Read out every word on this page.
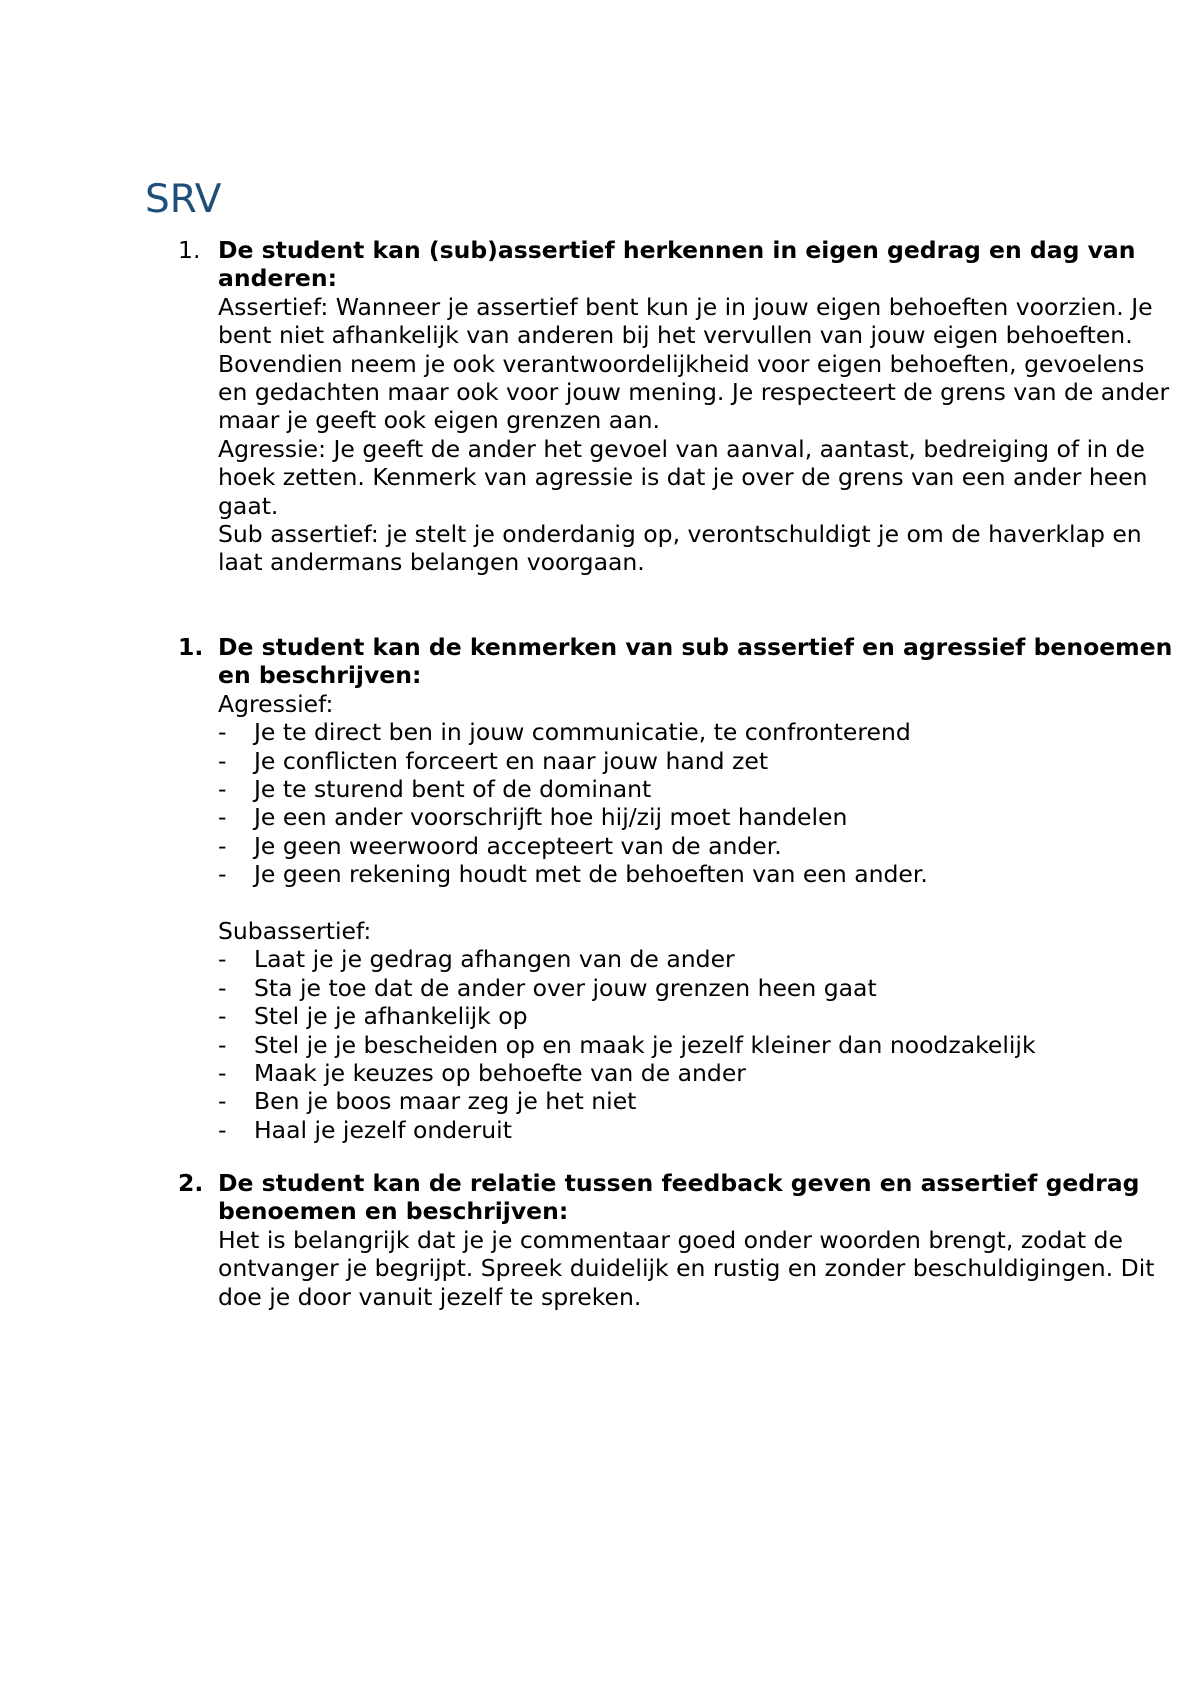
SRV
1. De student kan (sub)assertief herkennen in eigen gedrag en dag van anderen:

Assertief: Wanneer je assertief bent kun je in jouw eigen behoeften voorzien. Je bent niet afhankelijk van anderen bij het vervullen van jouw eigen behoeften. Bovendien neem je ook verantwoordelijkheid voor eigen behoeften, gevoelens en gedachten maar ook voor jouw mening. Je respecteert de grens van de ander maar je geeft ook eigen grenzen aan.

Agressie: Je geeft de ander het gevoel van aanval, aantast, bedreiging of in de hoek zetten. Kenmerk van agressie is dat je over de grens van een ander heen gaat.

Sub assertief: je stelt je onderdanig op, verontschuldigt je om de haverklap en laat andermans belangen voorgaan.

1. De student kan de kenmerken van sub assertief en agressief benoemen en beschrijven:
Agressief:
- Je te direct ben in jouw communicatie, te confronterend
- Je conflicten forceert en naar jouw hand zet
- Je te sturend bent of de dominant
- Je een ander voorschrijft hoe hij/zij moet handelen
- Je geen weerwoord accepteert van de ander.
- Je geen rekening houdt met de behoeften van een ander.
Subassertief:
- Laat je je gedrag afhangen van de ander
- Sta je toe dat de ander over jouw grenzen heen gaat
- Stel je je afhankelijk op
- Stel je je bescheiden op en maak je jezelf kleiner dan noodzakelijk
- Maak je keuzes op behoefte van de ander
- Ben je boos maar zeg je het niet
- Haal je jezelf onderuit
2. De student kan de relatie tussen feedback geven en assertief gedrag benoemen en beschrijven:

Het is belangrijk dat je je commentaar goed onder woorden brengt, zodat de ontvanger je begrijpt. Spreek duidelijk en rustig en zonder beschuldigingen. Dit doe je door vanuit jezelf te spreken.
